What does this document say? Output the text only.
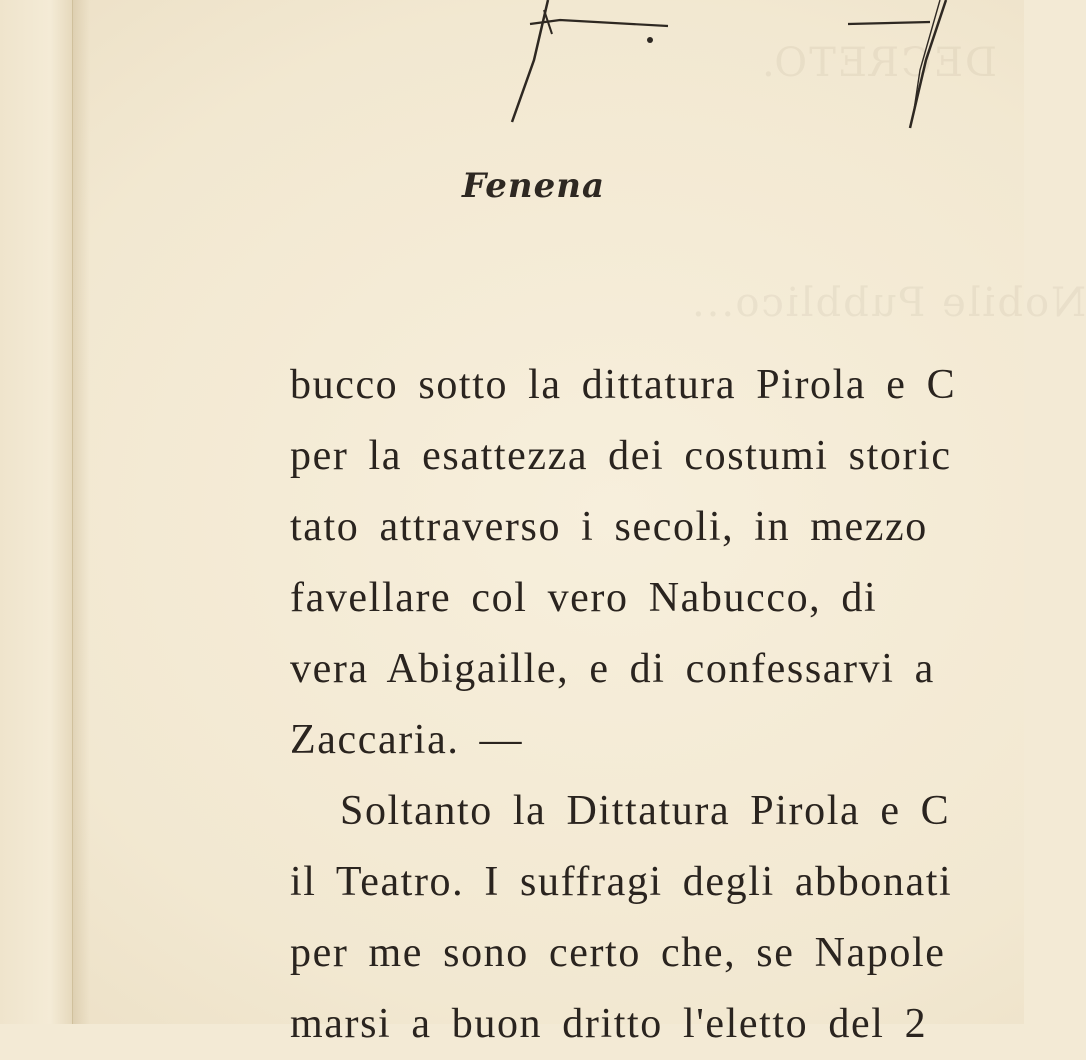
DECRETO.
Nobile Pubblico...
Fenena
bucco sotto la dittatura Pirola e C
per la esattezza dei costumi storic
tato attraverso i secoli, in mezzo
favellare col vero Nabucco, di
vera Abigaille, e di confessarvi a
Zaccaria. —
Soltanto la Dittatura Pirola e C
il Teatro. I suffragi degli abbonati
per me sono certo che, se Napole
marsi a buon dritto l'eletto del 2
